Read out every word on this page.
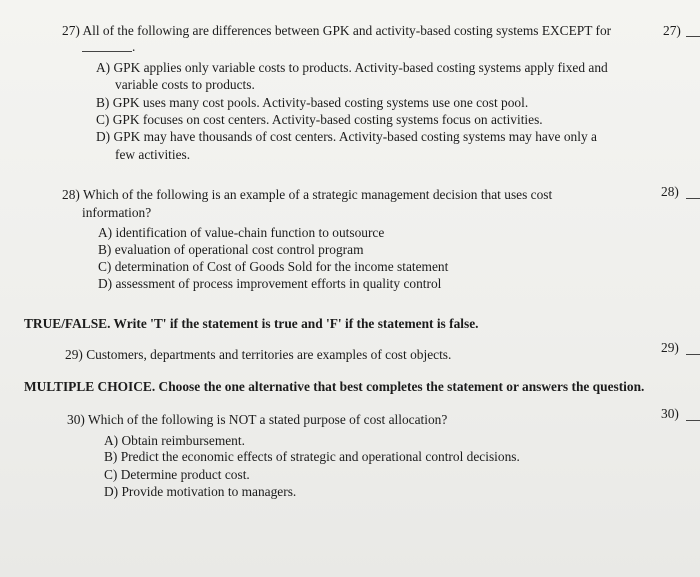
27) All of the following are differences between GPK and activity-based costing systems EXCEPT for
.
27)
A) GPK applies only variable costs to products. Activity-based costing systems apply fixed and
variable costs to products.
B) GPK uses many cost pools. Activity-based costing systems use one cost pool.
C) GPK focuses on cost centers. Activity-based costing systems focus on activities.
D) GPK may have thousands of cost centers. Activity-based costing systems may have only a
few activities.
28) Which of the following is an example of a strategic management decision that uses cost
information?
28)
A) identification of value-chain function to outsource
B) evaluation of operational cost control program
C) determination of Cost of Goods Sold for the income statement
D) assessment of process improvement efforts in quality control
TRUE/FALSE. Write 'T' if the statement is true and 'F' if the statement is false.
29) Customers, departments and territories are examples of cost objects.	29)
MULTIPLE CHOICE. Choose the one alternative that best completes the statement or answers the question.
30) Which of the following is NOT a stated purpose of cost allocation?	30)
A) Obtain reimbursement.
B) Predict the economic effects of strategic and operational control decisions.
C) Determine product cost.
D) Provide motivation to managers.
